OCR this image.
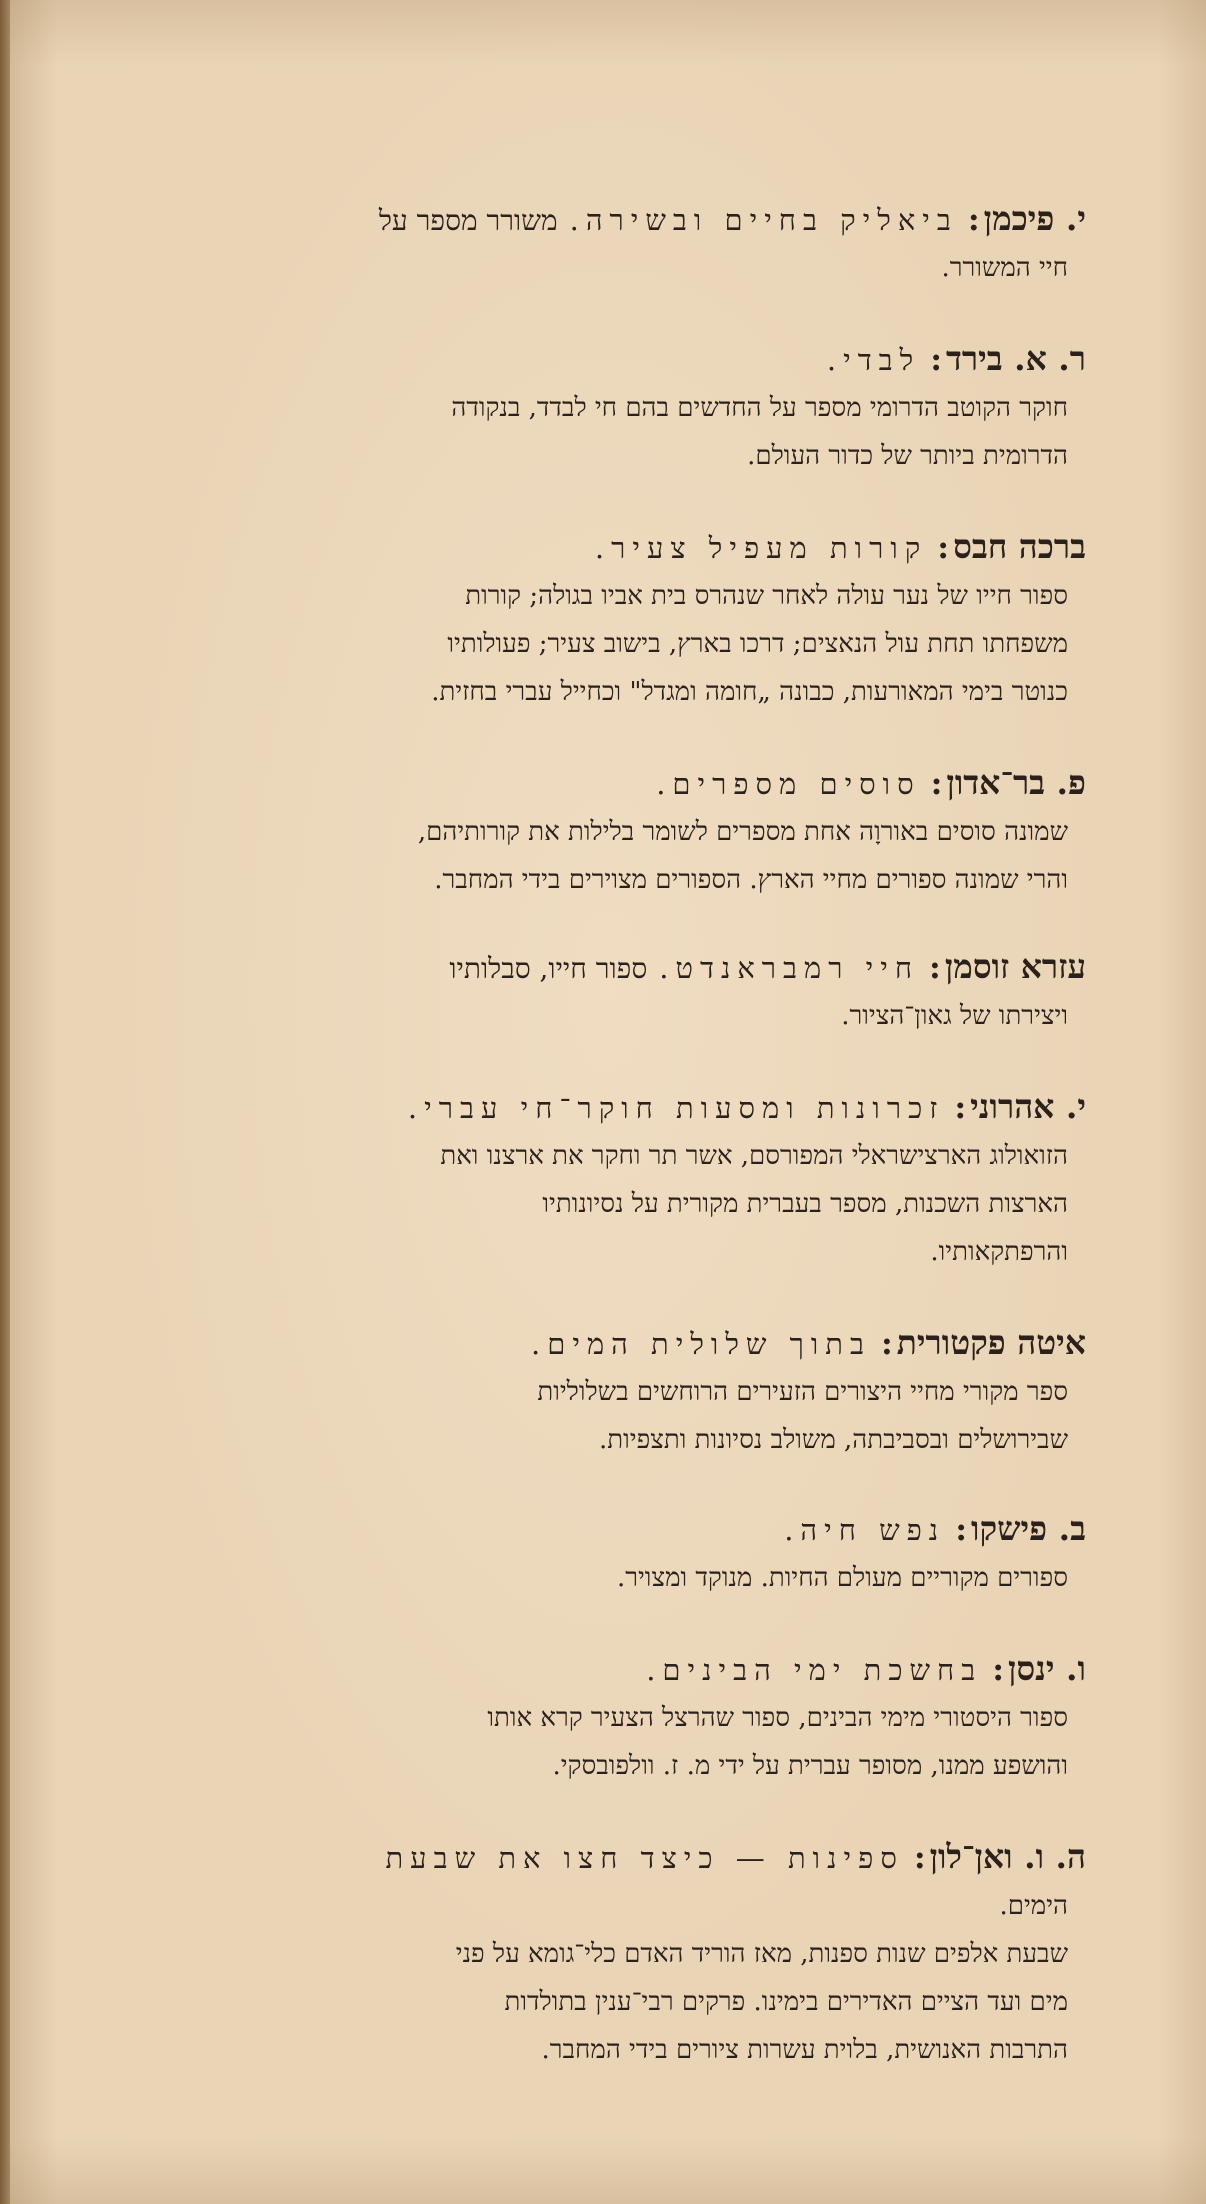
י. פיכמן:ביאליק בחיים ובשירה.משורר מספר על
חיי המשורר.
ר. א. בירד:לבדי.
חוקר הקוטב הדרומי מספר על החדשים בהם חי לבדד, בנקודה
הדרומית ביותר של כדור העולם.
ברכה חבס:קורות מעפיל צעיר.
ספור חייו של נער עולה לאחר שנהרס בית אביו בגולה; קורות
משפחתו תחת עול הנאצים; דרכו בארץ, בישוב צעיר; פעולותיו
כנוטר בימי המאורעות, כבונה „חומה ומגדל" וכחייל עברי בחזית.
פ. בר־אדון:סוסים מספרים.
שמונה סוסים באורוָה אחת מספרים לשומר בלילות את קורותיהם,
והרי שמונה ספורים מחיי הארץ. הספורים מצוירים בידי המחבר.
עזרא זוסמן:חיי רמבראנדט.ספור חייו, סבלותיו
ויצירתו של גאון־הציור.
י. אהרוני:זכרונות ומסעות חוקר־חי עברי.
הזואולוג הארצישראלי המפורסם, אשר תר וחקר את ארצנו ואת
הארצות השכנות, מספר בעברית מקורית על נסיונותיו
והרפתקאותיו.
איטה פקטורית:בתוך שלולית המים.
ספר מקורי מחיי היצורים הזעירים הרוחשים בשלוליות
שבירושלים ובסביבתה, משולב נסיונות ותצפיות.
ב. פישקו:נפש חיה.
ספורים מקוריים מעולם החיות. מנוקד ומצויר.
ו. ינסן:בחשכת ימי הבינים.
ספור היסטורי מימי הבינים, ספור שהרצל הצעיר קרא אותו
והושפע ממנו, מסופר עברית על ידי מ. ז. וולפובסקי.
ה. ו. ואן־לון:ספינות — כיצד חצו את שבעת
הימים.
שבעת אלפים שנות ספנות, מאז הוריד האדם כלי־גומא על פני
מים ועד הציים האדירים בימינו. פרקים רבי־ענין בתולדות
התרבות האנושית, בלוית עשרות ציורים בידי המחבר.
